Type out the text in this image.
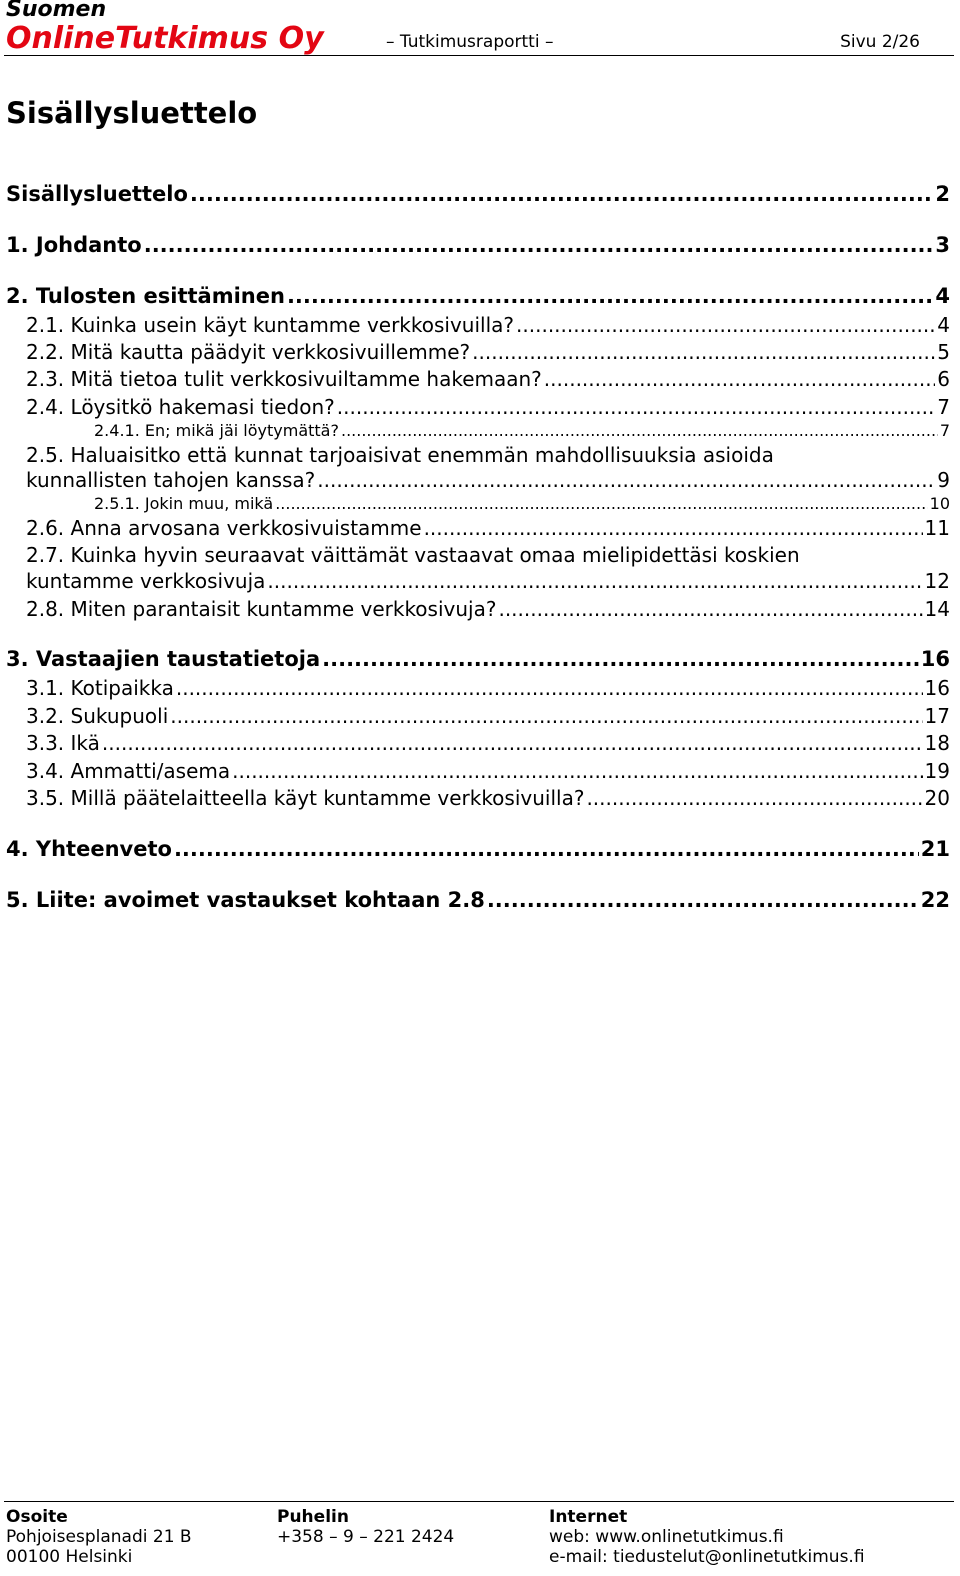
Suomen
OnlineTutkimus Oy	– Tutkimusraportti –	Sivu 2/26
Sisällysluettelo
Sisällysluettelo .....	2
1. Johdanto .....	3
2. Tulosten esittäminen .....	4
2.1. Kuinka usein käyt kuntamme verkkosivuilla? .....	4
2.2. Mitä kautta päädyit verkkosivuillemme? .....	5
2.3. Mitä tietoa tulit verkkosivuiltamme hakemaan? .....	6
2.4. Löysitkö hakemasi tiedon? .....	7
2.4.1. En; mikä jäi löytymättä? .....	7
2.5. Haluaisitko että kunnat tarjoaisivat enemmän mahdollisuuksia asioida
kunnallisten tahojen kanssa? .....	9
2.5.1. Jokin muu, mikä .....	10
2.6. Anna arvosana verkkosivuistamme .....	11
2.7. Kuinka hyvin seuraavat väittämät vastaavat omaa mielipidettäsi koskien
kuntamme verkkosivuja .....	12
2.8. Miten parantaisit kuntamme verkkosivuja? .....	14
3. Vastaajien taustatietoja .....	16
3.1. Kotipaikka .....	16
3.2. Sukupuoli .....	17
3.3. Ikä .....	18
3.4. Ammatti/asema .....	19
3.5. Millä päätelaitteella käyt kuntamme verkkosivuilla? .....	20
4. Yhteenveto .....	21
5. Liite: avoimet vastaukset kohtaan 2.8 .....	22
Osoite
Pohjoisesplanadi 21 B
00100 Helsinki
Puhelin
+358 – 9 – 221 2424
Internet
web: www.onlinetutkimus.fi
e-mail: tiedustelut@onlinetutkimus.fi
